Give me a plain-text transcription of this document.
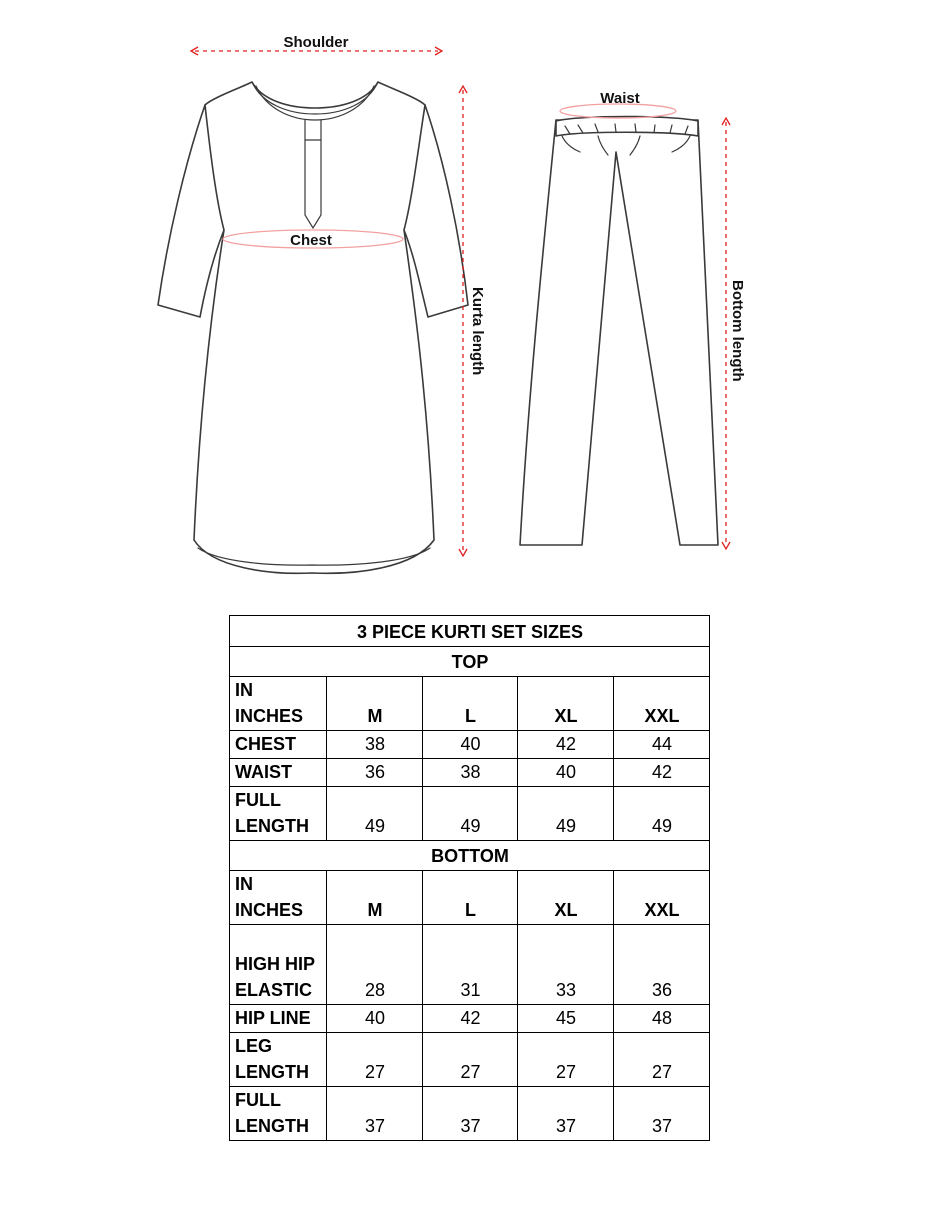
Shoulder
Chest
Kurta length
Waist
Bottom length
3 PIECE KURTI SET SIZES				
TOP				
IN
INCHES	M	L	XL	XXL
CHEST	38	40	42	44
WAIST	36	38	40	42
FULL
LENGTH	49	49	49	49
BOTTOM				
IN
INCHES	M	L	XL	XXL
HIGH HIP
ELASTIC	28	31	33	36
HIP LINE	40	42	45	48
LEG
LENGTH	27	27	27	27
FULL
LENGTH	37	37	37	37
